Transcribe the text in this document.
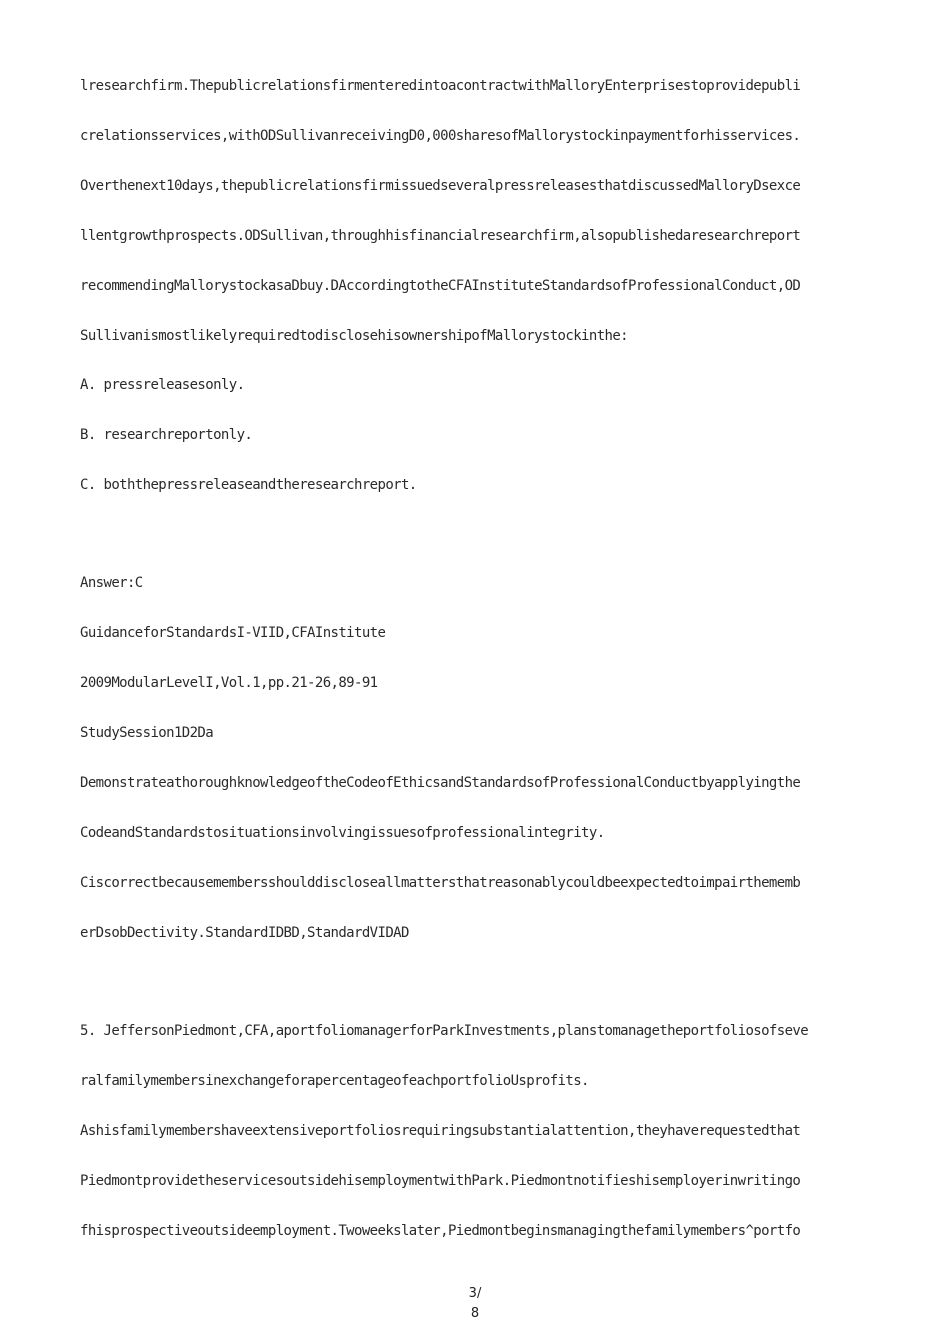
lresearchfirm.ThepublicrelationsfirmenteredintoacontractwithMalloryEnterprisestoprovidepubli
crelationsservices,withODSullivanreceivingD0,000sharesofMallorystockinpaymentforhisservices.
Overthenext10days,thepublicrelationsfirmissuedseveralpressreleasesthatdiscussedMalloryDsexce
llentgrowthprospects.ODSullivan,throughhisfinancialresearchfirm,alsopublishedaresearchreport
recommendingMallorystockasaDbuy.DAccordingtotheCFAInstituteStandardsofProfessionalConduct,OD
SullivanismostlikelyrequiredtodisclosehisownershipofMallorystockinthe:
A. pressreleasesonly.
B. researchreportonly.
C. boththepressreleaseandtheresearchreport.
Answer:C
GuidanceforStandardsI-VIID,CFAInstitute
2009ModularLevelI,Vol.1,pp.21-26,89-91
StudySession1D2Da
DemonstrateathoroughknowledgeoftheCodeofEthicsandStandardsofProfessionalConductbyapplyingthe
CodeandStandardstosituationsinvolvingissuesofprofessionalintegrity.
Ciscorrectbecausemembersshoulddiscloseallmattersthatreasonablycouldbeexpectedtoimpairthememb
erDsobDectivity.StandardIDBD,StandardVIDAD
5. JeffersonPiedmont,CFA,aportfoliomanagerforParkInvestments,planstomanagetheportfoliosofseve
ralfamilymembersinexchangeforapercentageofeachportfolioUsprofits.
Ashisfamilymembershaveextensiveportfoliosrequiringsubstantialattention,theyhaverequestedthat
PiedmontprovidetheservicesoutsidehisemploymentwithPark.Piedmontnotifieshisemployerinwritingo
fhisprospectiveoutsideemployment.Twoweekslater,Piedmontbeginsmanagingthefamilymembers^portfo
3/
8
